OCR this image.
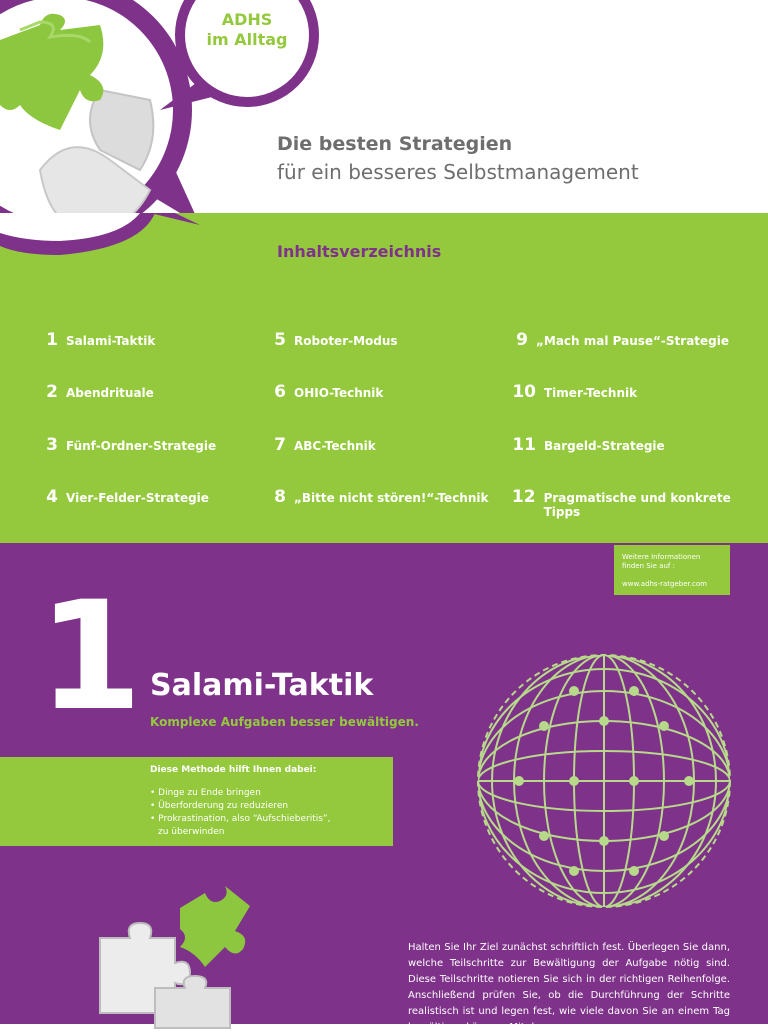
ADHS
im Alltag
Die besten Strategien
für ein besseres Selbstmanagement
Inhaltsverzeichnis
1 Salami-Taktik
2 Abendrituale
3 Fünf-Ordner-Strategie
4 Vier-Felder-Strategie
5 Roboter-Modus
6 OHIO-Technik
7 ABC-Technik
8 „Bitte nicht stören!“-Technik
9 „Mach mal Pause“-Strategie
10 Timer-Technik
11 Bargeld-Strategie
12 Pragmatische und konkrete Tipps
Weitere Informationen
finden Sie auf :
www.adhs-ratgeber.com
1 Salami-Taktik
Komplexe Aufgaben besser bewältigen.
Diese Methode hilft Ihnen dabei:
• Dinge zu Ende bringen
• Überforderung zu reduzieren
• Prokrastination, also “Aufschieberitis”,
zu überwinden
Halten Sie Ihr Ziel zunächst schriftlich fest. Überlegen Sie dann, welche Teilschritte zur Bewältigung der Aufgabe nötig sind. Diese Teilschritte notieren Sie sich in der richtigen Reihenfolge. Anschließend prüfen Sie, ob die Durchführung der Schritte realistisch ist und legen fest, wie viele davon Sie an einem Tag bewältigen können. Mit dem so
